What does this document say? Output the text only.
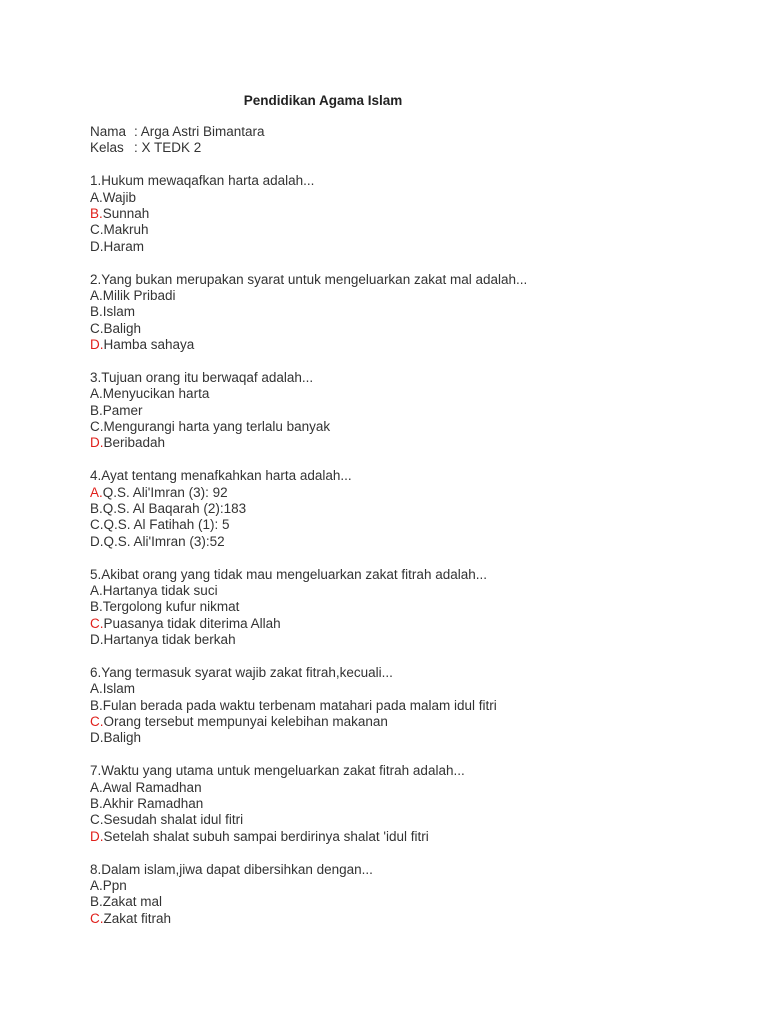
Pendidikan Agama Islam
Nama : Arga Astri Bimantara
Kelas : X TEDK 2
1.Hukum mewaqafkan harta adalah...
A.Wajib
B.Sunnah
C.Makruh
D.Haram
2.Yang bukan merupakan syarat untuk mengeluarkan zakat mal adalah...
A.Milik Pribadi
B.Islam
C.Baligh
D.Hamba sahaya
3.Tujuan orang itu berwaqaf adalah...
A.Menyucikan harta
B.Pamer
C.Mengurangi harta yang terlalu banyak
D.Beribadah
4.Ayat tentang menafkahkan harta adalah...
A.Q.S. Ali'Imran (3): 92
B.Q.S. Al Baqarah (2):183
C.Q.S. Al Fatihah (1): 5
D.Q.S. Ali'Imran (3):52
5.Akibat orang yang tidak mau mengeluarkan zakat fitrah adalah...
A.Hartanya tidak suci
B.Tergolong kufur nikmat
C.Puasanya tidak diterima Allah
D.Hartanya tidak berkah
6.Yang termasuk syarat wajib zakat fitrah,kecuali...
A.Islam
B.Fulan berada pada waktu terbenam matahari pada malam idul fitri
C.Orang tersebut mempunyai kelebihan makanan
D.Baligh
7.Waktu yang utama untuk mengeluarkan zakat fitrah adalah...
A.Awal Ramadhan
B.Akhir Ramadhan
C.Sesudah shalat idul fitri
D.Setelah shalat subuh sampai berdirinya shalat 'idul fitri
8.Dalam islam,jiwa dapat dibersihkan dengan...
A.Ppn
B.Zakat mal
C.Zakat fitrah
